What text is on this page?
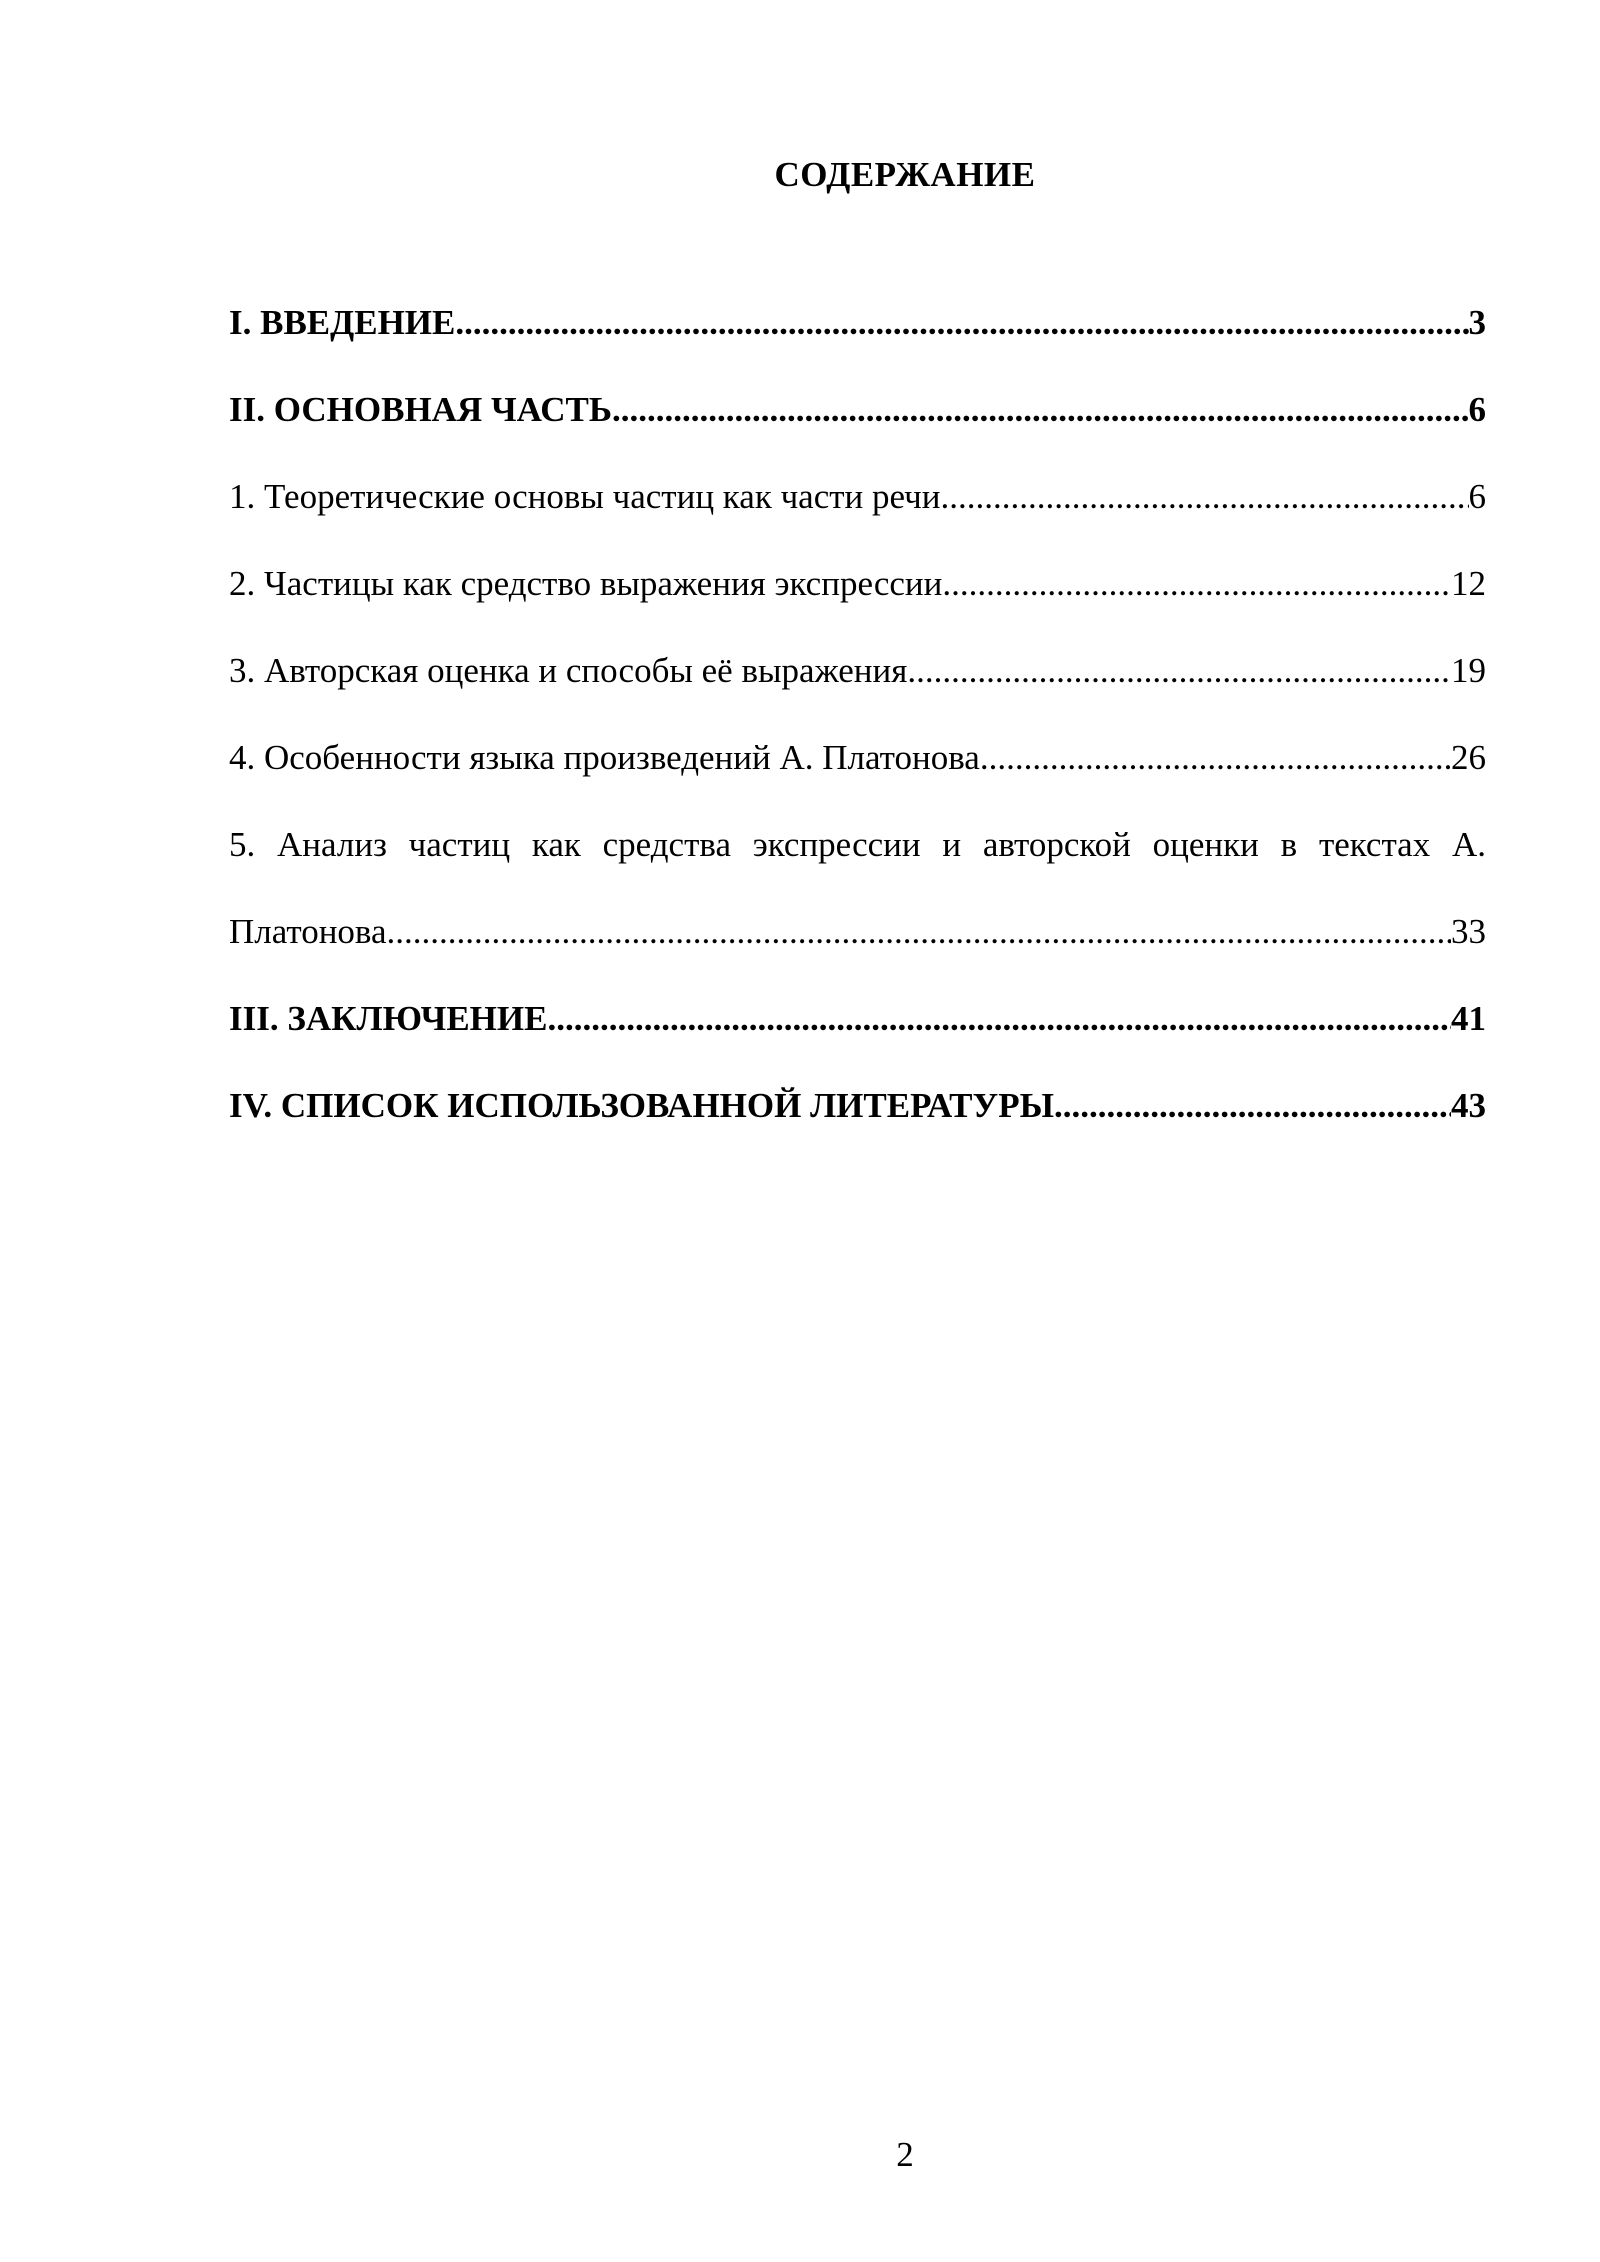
СОДЕРЖАНИЕ
I. ВВЕДЕНИЕ .....	3
II. ОСНОВНАЯ ЧАСТЬ .....	6
1. Теоретические основы частиц как части речи .....	6
2. Частицы как средство выражения экспрессии .....	12
3. Авторская оценка и способы её выражения .....	19
4. Особенности языка произведений А. Платонова .....	26
5. Анализ частиц как средства экспрессии и авторской оценки в текстах А.
Платонова .....	33
III. ЗАКЛЮЧЕНИЕ .....	41
IV. СПИСОК ИСПОЛЬЗОВАННОЙ ЛИТЕРАТУРЫ .....	43
2
